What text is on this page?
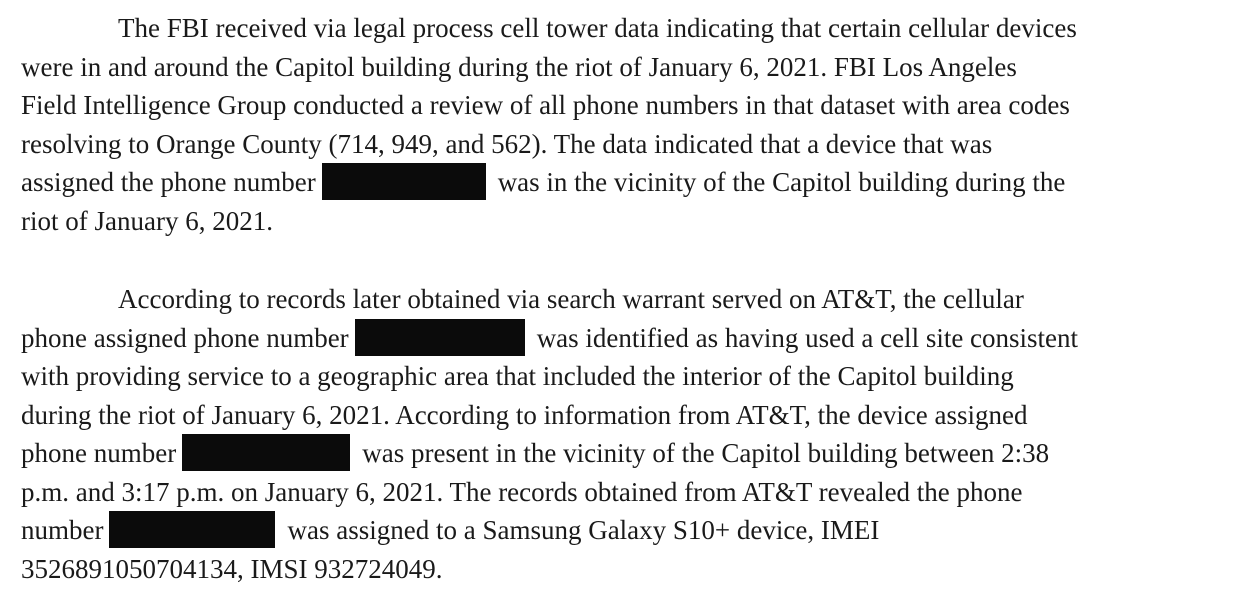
The FBI received via legal process cell tower data indicating that certain cellular devices
were in and around the Capitol building during the riot of January 6, 2021. FBI Los Angeles
Field Intelligence Group conducted a review of all phone numbers in that dataset with area codes
resolving to Orange County (714, 949, and 562). The data indicated that a device that was
assigned the phone number	was in the vicinity of the Capitol building during the
riot of January 6, 2021.
According to records later obtained via search warrant served on AT&T, the cellular
phone assigned phone number	was identified as having used a cell site consistent
with providing service to a geographic area that included the interior of the Capitol building
during the riot of January 6, 2021. According to information from AT&T, the device assigned
phone number	was present in the vicinity of the Capitol building between 2:38
p.m. and 3:17 p.m. on January 6, 2021. The records obtained from AT&T revealed the phone
number	was assigned to a Samsung Galaxy S10+ device, IMEI
3526891050704134, IMSI 932724049.
